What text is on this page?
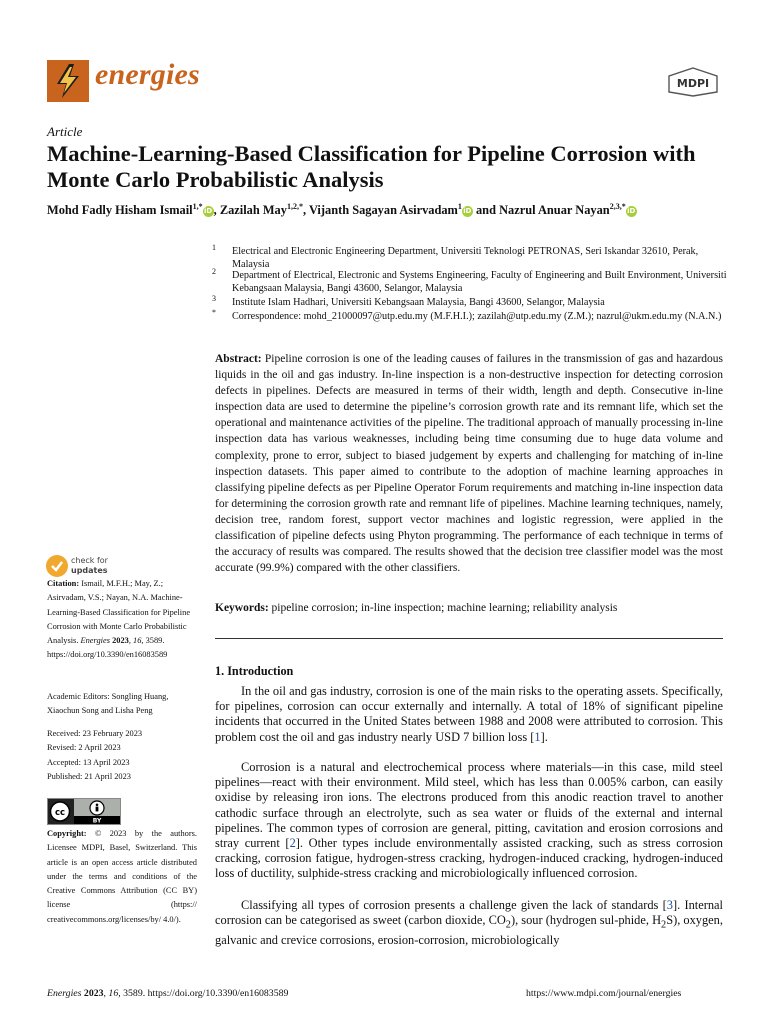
energies	MDPI
Article
Machine-Learning-Based Classification for Pipeline Corrosion with Monte Carlo Probabilistic Analysis
Mohd Fadly Hisham Ismail$^{1,*}$iD, Zazilah May$^{1,2,*}$, Vijanth Sagayan Asirvadam$^1$iD and Nazrul Anuar Nayan$^{2,3,*}$iD
1 Electrical and Electronic Engineering Department, Universiti Teknologi PETRONAS, Seri Iskandar 32610, Perak, Malaysia
2 Department of Electrical, Electronic and Systems Engineering, Faculty of Engineering and Built Environment, Universiti Kebangsaan Malaysia, Bangi 43600, Selangor, Malaysia
3 Institute Islam Hadhari, Universiti Kebangsaan Malaysia, Bangi 43600, Selangor, Malaysia
* Correspondence: mohd_21000097@utp.edu.my (M.F.H.I.); zazilah@utp.edu.my (Z.M.); nazrul@ukm.edu.my (N.A.N.)
Abstract: Pipeline corrosion is one of the leading causes of failures in the transmission of gas and hazardous liquids in the oil and gas industry. In-line inspection is a non-destructive inspection for detecting corrosion defects in pipelines. Defects are measured in terms of their width, length and depth. Consecutive in-line inspection data are used to determine the pipeline’s corrosion growth rate and its remnant life, which set the operational and maintenance activities of the pipeline. The traditional approach of manually processing in-line inspection data has various weaknesses, including being time consuming due to huge data volume and complexity, prone to error, subject to biased judgement by experts and challenging for matching of in-line inspection datasets. This paper aimed to contribute to the adoption of machine learning approaches in classifying pipeline defects as per Pipeline Operator Forum requirements and matching in-line inspection data for determining the corrosion growth rate and remnant life of pipelines. Machine learning techniques, namely, decision tree, random forest, support vector machines and logistic regression, were applied in the classification of pipeline defects using Phyton programming. The performance of each technique in terms of the accuracy of results was compared. The results showed that the decision tree classifier model was the most accurate (99.9%) compared with the other classifiers.
Keywords: pipeline corrosion; in-line inspection; machine learning; reliability analysis
check for
updates
Citation: Ismail, M.F.H.; May, Z.; Asirvadam, V.S.; Nayan, N.A. Machine-Learning-Based Classification for Pipeline Corrosion with Monte Carlo Probabilistic Analysis. Energies 2023, 16, 3589. https://doi.org/10.3390/en16083589
Academic Editors: Songling Huang, Xiaochun Song and Lisha Peng
Received: 23 February 2023
Revised: 2 April 2023
Accepted: 13 April 2023
Published: 21 April 2023
cc
BY
Copyright: © 2023 by the authors. Licensee MDPI, Basel, Switzerland. This article is an open access article distributed under the terms and conditions of the Creative Commons Attribution (CC BY) license (https:// creativecommons.org/licenses/by/ 4.0/).
1. Introduction
In the oil and gas industry, corrosion is one of the main risks to the operating assets. Specifically, for pipelines, corrosion can occur externally and internally. A total of 18% of significant pipeline incidents that occurred in the United States between 1988 and 2008 were attributed to corrosion. This problem cost the oil and gas industry nearly USD 7 billion loss [1].
Corrosion is a natural and electrochemical process where materials—in this case, mild steel pipelines—react with their environment. Mild steel, which has less than 0.005% carbon, can easily oxidise by releasing iron ions. The electrons produced from this anodic reaction travel to another cathodic surface through an electrolyte, such as sea water or fluids of the external and internal pipelines. The common types of corrosion are general, pitting, cavitation and erosion corrosions and stray current [2]. Other types include environmentally assisted cracking, such as stress corrosion cracking, corrosion fatigue, hydrogen-stress cracking, hydrogen-induced cracking, hydrogen-induced loss of ductility, sulphide-stress cracking and microbiologically influenced corrosion.
Classifying all types of corrosion presents a challenge given the lack of standards [3]. Internal corrosion can be categorised as sweet (carbon dioxide, $CO_2$), sour (hydrogen sul-phide, $H_2S$), oxygen, galvanic and crevice corrosions, erosion-corrosion, microbiologically
Energies 2023, 16, 3589. https://doi.org/10.3390/en16083589	https://www.mdpi.com/journal/energies
